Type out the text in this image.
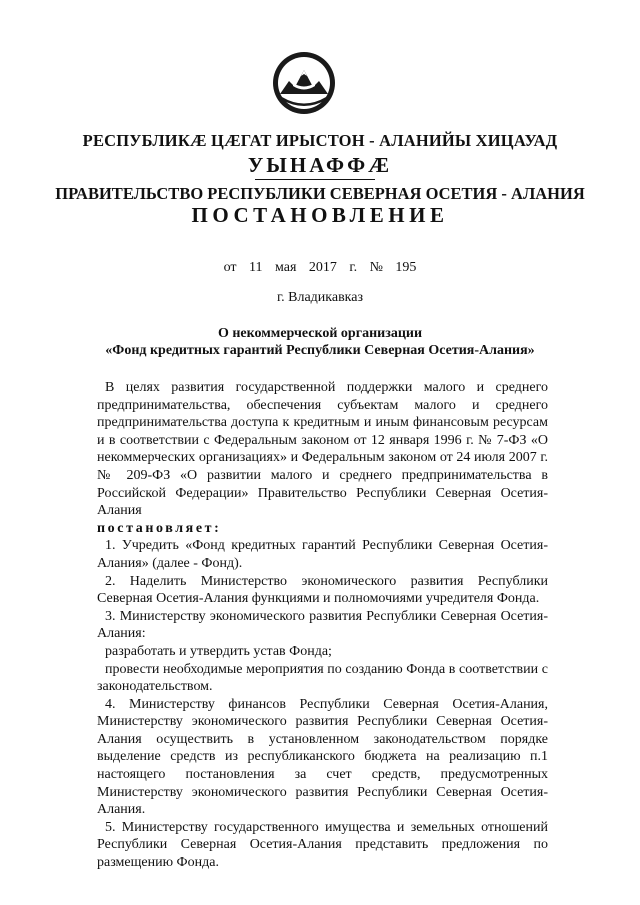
РЕСПУБЛИКӔ ЦӔГАТ ИРЫСТОН - АЛАНИЙЫ ХИЦАУАД
УЫНАФФӔ
ПРАВИТЕЛЬСТВО РЕСПУБЛИКИ СЕВЕРНАЯ ОСЕТИЯ - АЛАНИЯ
ПОСТАНОВЛЕНИЕ
от 11 мая 2017 г. № 195
г. Владикавказ
О некоммерческой организации
«Фонд кредитных гарантий Республики Северная Осетия-Алания»

В целях развития государственной поддержки малого и среднего предпринимательства, обеспечения субъектам малого и среднего предпринимательства доступа к кредитным и иным финансовым ресурсам и в соответствии с Федеральным законом от 12 января 1996 г. № 7-ФЗ «О некоммерческих организациях» и Федеральным законом от 24 июля 2007 г. № 209-ФЗ «О развитии малого и среднего предпринимательства в Российской Федерации» Правительство Республики Северная Осетия-Алания

постановляет:

1. Учредить «Фонд кредитных гарантий Республики Северная Осетия-Алания» (далее - Фонд).

2. Наделить Министерство экономического развития Республики Северная Осетия-Алания функциями и полномочиями учредителя Фонда.

3. Министерству экономического развития Республики Северная Осетия-Алания:

разработать и утвердить устав Фонда;

провести необходимые мероприятия по созданию Фонда в соответствии с законодательством.

4. Министерству финансов Республики Северная Осетия-Алания, Министерству экономического развития Республики Северная Осетия-Алания осуществить в установленном законодательством порядке выделение средств из республиканского бюджета на реализацию п.1 настоящего постановления за счет средств, предусмотренных Министерству экономического развития Республики Северная Осетия-Алания.

5. Министерству государственного имущества и земельных отношений Республики Северная Осетия-Алания представить предложения по размещению Фонда.
